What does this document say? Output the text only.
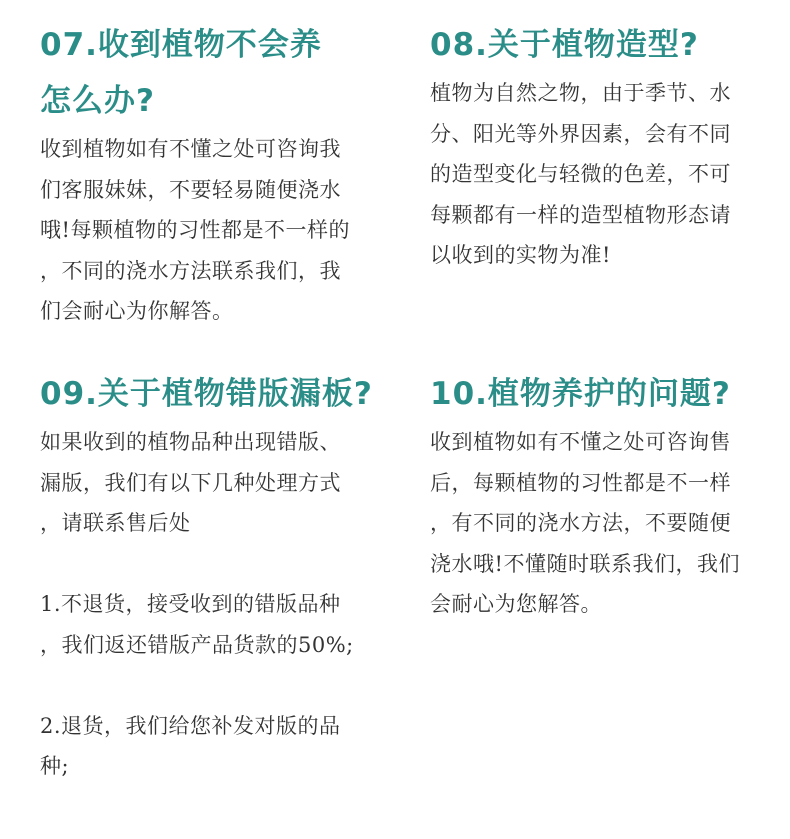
07.收到植物不会养
怎么办?

收到植物如有不懂之处可咨询我
们客服妹妹，不要轻易随便浇水
哦!每颗植物的习性都是不一样的
，不同的浇水方法联系我们，我
们会耐心为你解答。

08.关于植物造型?

植物为自然之物，由于季节、水
分、阳光等外界因素，会有不同
的造型变化与轻微的色差，不可
每颗都有一样的造型植物形态请
以收到的实物为准!

09.关于植物错版漏板?

如果收到的植物品种出现错版、
漏版，我们有以下几种处理方式
，请联系售后处
1.不退货，接受收到的错版品种
，我们返还错版产品货款的50%;
2.退货，我们给您补发对版的品
种;

10.植物养护的问题?

收到植物如有不懂之处可咨询售
后，每颗植物的习性都是不一样
，有不同的浇水方法，不要随便
浇水哦!不懂随时联系我们，我们
会耐心为您解答。
